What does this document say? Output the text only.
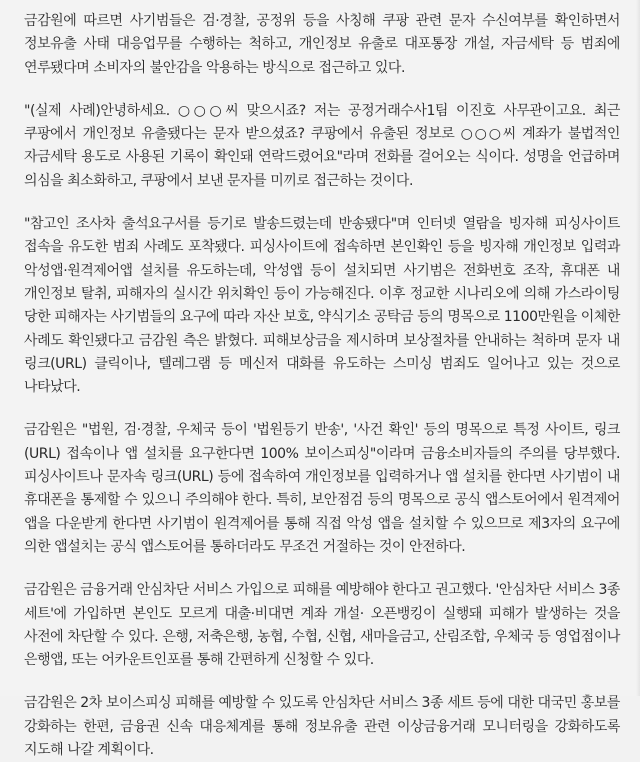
금감원에 따르면 사기범들은 검·경찰, 공정위 등을 사칭해 쿠팡 관련 문자 수신여부를 확인하면서 정보유출 사태 대응업무를 수행하는 척하고, 개인정보 유출로 대포통장 개설, 자금세탁 등 범죄에 연루됐다며 소비자의 불안감을 악용하는 방식으로 접근하고 있다.

"(실제 사례)안녕하세요. ○○○씨 맞으시죠? 저는 공정거래수사1팀 이진호 사무관이고요. 최근 쿠팡에서 개인정보 유출됐다는 문자 받으셨죠? 쿠팡에서 유출된 정보로 ○○○씨 계좌가 불법적인 자금세탁 용도로 사용된 기록이 확인돼 연락드렸어요"라며 전화를 걸어오는 식이다. 성명을 언급하며 의심을 최소화하고, 쿠팡에서 보낸 문자를 미끼로 접근하는 것이다.

"참고인 조사차 출석요구서를 등기로 발송드렸는데 반송됐다"며 인터넷 열람을 빙자해 피싱사이트 접속을 유도한 범죄 사례도 포착됐다. 피싱사이트에 접속하면 본인확인 등을 빙자해 개인정보 입력과 악성앱·원격제어앱 설치를 유도하는데, 악성앱 등이 설치되면 사기범은 전화번호 조작, 휴대폰 내 개인정보 탈취, 피해자의 실시간 위치확인 등이 가능해진다. 이후 정교한 시나리오에 의해 가스라이팅 당한 피해자는 사기범들의 요구에 따라 자산 보호, 약식기소 공탁금 등의 명목으로 1100만원을 이체한 사례도 확인됐다고 금감원 측은 밝혔다. 피해보상금을 제시하며 보상절차를 안내하는 척하며 문자 내 링크(URL) 클릭이나, 텔레그램 등 메신저 대화를 유도하는 스미싱 범죄도 일어나고 있는 것으로 나타났다.

금감원은 "법원, 검·경찰, 우체국 등이 '법원등기 반송', '사건 확인' 등의 명목으로 특정 사이트, 링크(URL) 접속이나 앱 설치를 요구한다면 100% 보이스피싱"이라며 금융소비자들의 주의를 당부했다. 피싱사이트나 문자속 링크(URL) 등에 접속하여 개인정보를 입력하거나 앱 설치를 한다면 사기범이 내 휴대폰을 통제할 수 있으니 주의해야 한다. 특히, 보안점검 등의 명목으로 공식 앱스토어에서 원격제어 앱을 다운받게 한다면 사기범이 원격제어를 통해 직접 악성 앱을 설치할 수 있으므로 제3자의 요구에 의한 앱설치는 공식 앱스토어를 통하더라도 무조건 거절하는 것이 안전하다.

금감원은 금융거래 안심차단 서비스 가입으로 피해를 예방해야 한다고 권고했다. '안심차단 서비스 3종 세트'에 가입하면 본인도 모르게 대출·비대면 계좌 개설· 오픈뱅킹이 실행돼 피해가 발생하는 것을 사전에 차단할 수 있다. 은행, 저축은행, 농협, 수협, 신협, 새마을금고, 산림조합, 우체국 등 영업점이나 은행앱, 또는 어카운트인포를 통해 간편하게 신청할 수 있다.

금감원은 2차 보이스피싱 피해를 예방할 수 있도록 안심차단 서비스 3종 세트 등에 대한 대국민 홍보를 강화하는 한편, 금융권 신속 대응체계를 통해 정보유출 관련 이상금융거래 모니터링을 강화하도록 지도해 나갈 계획이다.
